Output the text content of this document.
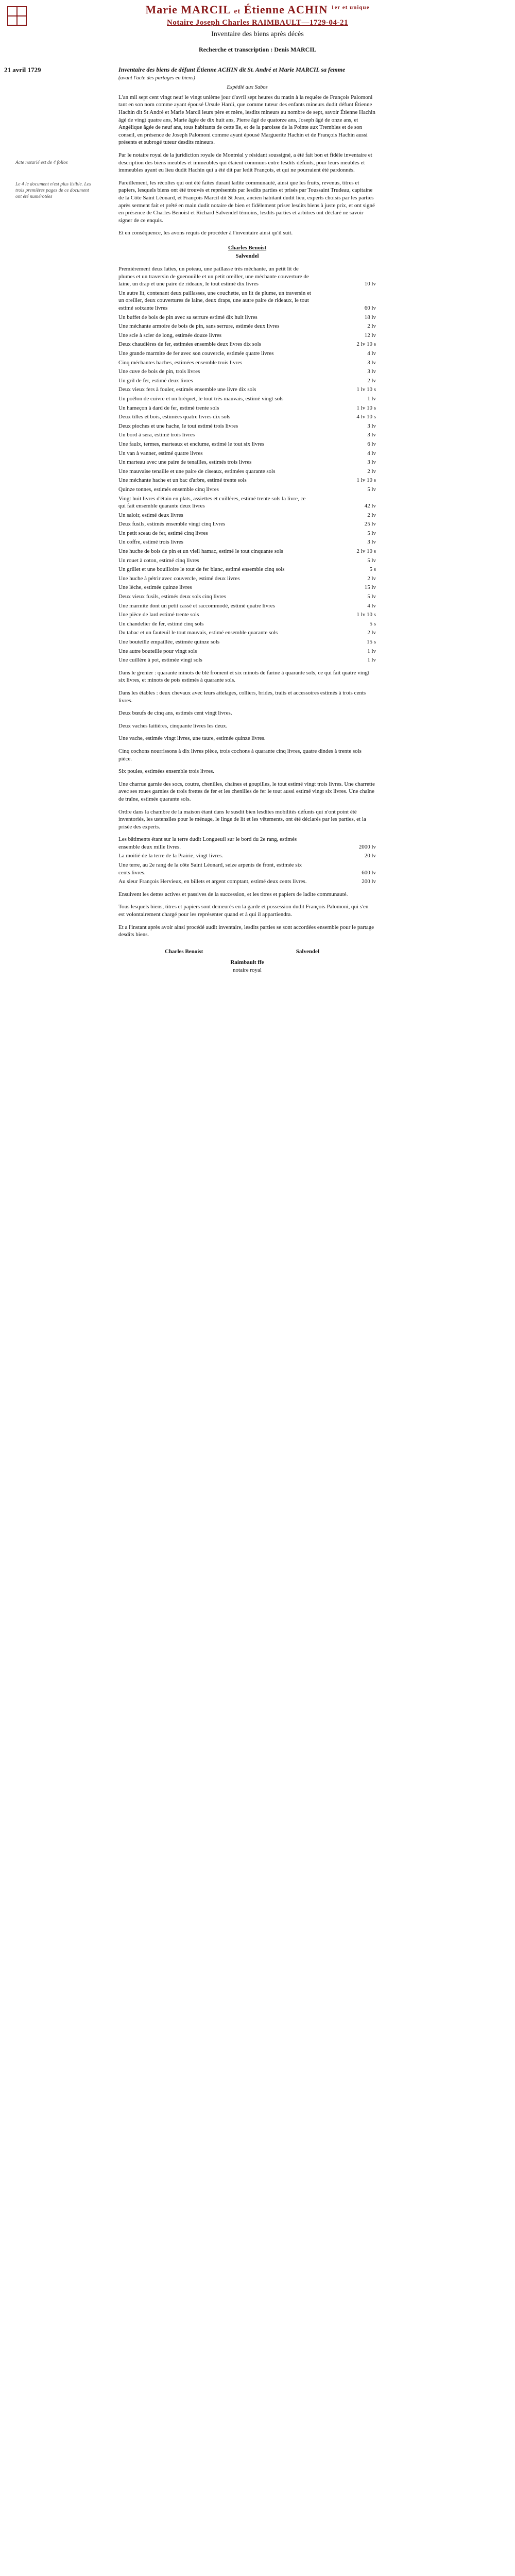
Marie MARCIL et Étienne ACHIN $^{1er et unique}$
Notaire Joseph Charles RAIMBAULT—1729-04-21
Inventaire des biens après décès
Recherche et transcription : Denis MARCIL
21 avril 1729
Acte notarié est de 4 folios
Le 4 le document n'est plus lisible. Les trois premières pages de ce document ont été numérotées
Inventaire des biens de défunt Étienne ACHIN dit St. André et Marie MARCIL sa femme
(avant l'acte des partages en biens)
Expédié aux Sabos

L'an mil sept cent vingt neuf le vingt unième jour d'avril sept heures du matin à la requête de François Palomoni tant en son nom comme ayant épousé Ursule Hardi, que comme tuteur des enfants mineurs dudit défunt Étienne Hachin dit St André et Marie Marcil leurs père et mère, lesdits mineurs au nombre de sept, savoir Étienne Hachin âgé de vingt quatre ans, Marie âgée de dix huit ans, Pierre âgé de quatorze ans, Joseph âgé de onze ans, et Angélique âgée de neuf ans, tous habitants de cette île, et de la paroisse de la Pointe aux Trembles et de son conseil, en présence de Joseph Palomoni comme ayant épousé Marguerite Hachin et de François Hachin aussi présents et subrogé tuteur desdits mineurs.

Par le notaire royal de la juridiction royale de Montréal y résidant soussigné, a été fait bon et fidèle inventaire et description des biens meubles et immeubles qui étaient communs entre lesdits défunts, pour leurs meubles et immeubles ayant eu lieu dudit Hachin qui a été dit par ledit François, et qui ne pourraient été pardonnés.

Pareillement, les récoltes qui ont été faites durant ladite communauté, ainsi que les fruits, revenus, titres et papiers, lesquels biens ont été trouvés et représentés par lesdits parties et prisés par Toussaint Trudeau, capitaine de la Côte Saint Léonard, et François Marcil dit St Jean, ancien habitant dudit lieu, experts choisis par les parties après serment fait et prêté en main dudit notaire de bien et fidèlement priser lesdits biens à juste prix, et ont signé en présence de Charles Benoist et Richard Salvendel témoins, lesdits parties et arbitres ont déclaré ne savoir signer de ce enquis.

Et en conséquence, les avons requis de procéder à l'inventaire ainsi qu'il suit.

Charles Benoist
Salvendel
Premièrement deux lattes, un poteau, une paillasse très méchante, un petit lit de plumes et un traversin de guenouille et un petit oreiller, une méchante couverture de laine, un drap et une paire de rideaux, le tout estimé dix livres	10 lv
Un autre lit, contenant deux paillasses, une couchette, un lit de plume, un traversin et un oreiller, deux couvertures de laine, deux draps, une autre paire de rideaux, le tout estimé soixante livres	60 lv
Un buffet de bois de pin avec sa serrure estimé dix huit livres	18 lv
Une méchante armoire de bois de pin, sans serrure, estimée deux livres	2 lv
Une scie à scier de long, estimée douze livres	12 lv
Deux chaudières de fer, estimées ensemble deux livres dix sols	2 lv 10 s
Une grande marmite de fer avec son couvercle, estimée quatre livres	4 lv
Cinq méchantes haches, estimées ensemble trois livres	3 lv
Une cuve de bois de pin, trois livres	3 lv
Un gril de fer, estimé deux livres	2 lv
Deux vieux fers à fouler, estimés ensemble une livre dix sols	1 lv 10 s
Un poêlon de cuivre et un bréquet, le tout très mauvais, estimé vingt sols	1 lv
Un hameçon à dard de fer, estimé trente sols	1 lv 10 s
Deux tilles et bois, estimées quatre livres dix sols	4 lv 10 s
Deux pioches et une hache, le tout estimé trois livres	3 lv
Un bord à sera, estimé trois livres	3 lv
Une faulx, termes, marteaux et enclume, estimé le tout six livres	6 lv
Un van à vanner, estimé quatre livres	4 lv
Un marteau avec une paire de tenailles, estimés trois livres	3 lv
Une mauvaise tenaille et une paire de ciseaux, estimées quarante sols	2 lv
Une méchante hache et un bac d'arbre, estimé trente sols	1 lv 10 s
Quinze tonnes, estimés ensemble cinq livres	5 lv
Vingt huit livres d'étain en plats, assiettes et cuillères, estimé trente sols la livre, ce qui fait ensemble quarante deux livres	42 lv
Un saloir, estimé deux livres	2 lv
Deux fusils, estimés ensemble vingt cinq livres	25 lv
Un petit sceau de fer, estimé cinq livres	5 lv
Un coffre, estimé trois livres	3 lv
Une huche de bois de pin et un vieil hamac, estimé le tout cinquante sols	2 lv 10 s
Un rouet à coton, estimé cinq livres	5 lv
Un grillet et une bouilloire le tout de fer blanc, estimé ensemble cinq sols	5 s
Une huche à pétrir avec couvercle, estimé deux livres	2 lv
Une lèche, estimée quinze livres	15 lv
Deux vieux fusils, estimés deux sols cinq livres	5 lv
Une marmite dont un petit cassé et raccommodé, estimé quatre livres	4 lv
Une pièce de lard estimé trente sols	1 lv 10 s
Un chandelier de fer, estimé cinq sols	5 s
Du tabac et un fauteuil le tout mauvais, estimé ensemble quarante sols	2 lv
Une bouteille empaillée, estimée quinze sols	15 s
Une autre bouteille pour vingt sols	1 lv
Une cuillère à pot, estimée vingt sols	1 lv

Dans le grenier : quarante minots de blé froment et six minots de farine à quarante sols, ce qui fait quatre vingt six livres, et minots de pois estimés à quarante sols.

Dans les étables : deux chevaux avec leurs attelages, colliers, brides, traits et accessoires estimés à trois cents livres.

Deux bœufs de cinq ans, estimés cent vingt livres.

Deux vaches laitières, cinquante livres les deux.

Une vache, estimée vingt livres, une taure, estimée quinze livres.

Cinq cochons nourrissons à dix livres pièce, trois cochons à quarante cinq livres, quatre dindes à trente sols pièce.

Six poules, estimées ensemble trois livres.

Une charrue garnie des socs, coutre, chenilles, chaînes et goupilles, le tout estimé vingt trois livres. Une charrette avec ses roues garnies de trois frettes de fer et les chenilles de fer le tout aussi estimé vingt six livres. Une chaîne de traîne, estimée quarante sols.

Ordre dans la chambre de la maison étant dans le susdit bien lesdites mobilités défunts qui n'ont point été inventoriés, les ustensiles pour le ménage, le linge de lit et les vêtements, ont été déclarés par les parties, et la prisée des experts.

Les bâtiments étant sur la terre dudit Longueuil sur le bord du 2e rang, estimés ensemble deux mille livres.	2000 lv
La moitié de la terre de la Prairie, vingt livres.	20 lv
Une terre, au 2e rang de la côte Saint Léonard, seize arpents de front, estimée six cents livres.	600 lv
Au sieur François Hervieux, en billets et argent comptant, estimé deux cents livres.	200 lv

Ensuivent les dettes actives et passives de la succession, et les titres et papiers de ladite communauté.

Tous lesquels biens, titres et papiers sont demeurés en la garde et possession dudit François Palomoni, qui s'en est volontairement chargé pour les représenter quand et à qui il appartiendra.

Et a l'instant après avoir ainsi procédé audit inventaire, lesdits parties se sont accordées ensemble pour le partage desdits biens.

Charles Benoist	Salvendel
Raimbault ffe
notaire royal
